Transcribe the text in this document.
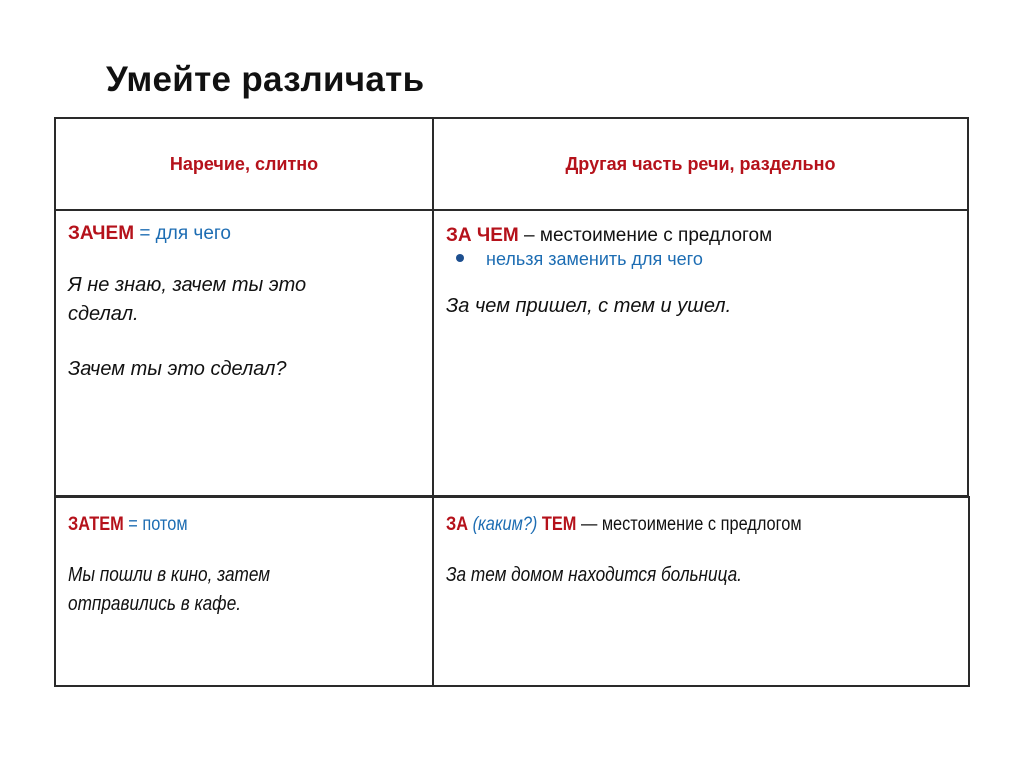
Умейте различать
Наречие, слитно	Другая часть речи, раздельно
ЗАЧЕМ = для чего
Я не знаю, зачем ты это
сделал.
Зачем ты это сделал?
ЗА ЧЕМ – местоимение с предлогом
нельзя заменить для чего
За чем пришел, с тем и ушел.
ЗАТЕМ = потом
Мы пошли в кино, затем
отправились в кафе.
ЗА (каким?) ТЕМ — местоимение с предлогом
За тем домом находится больница.
